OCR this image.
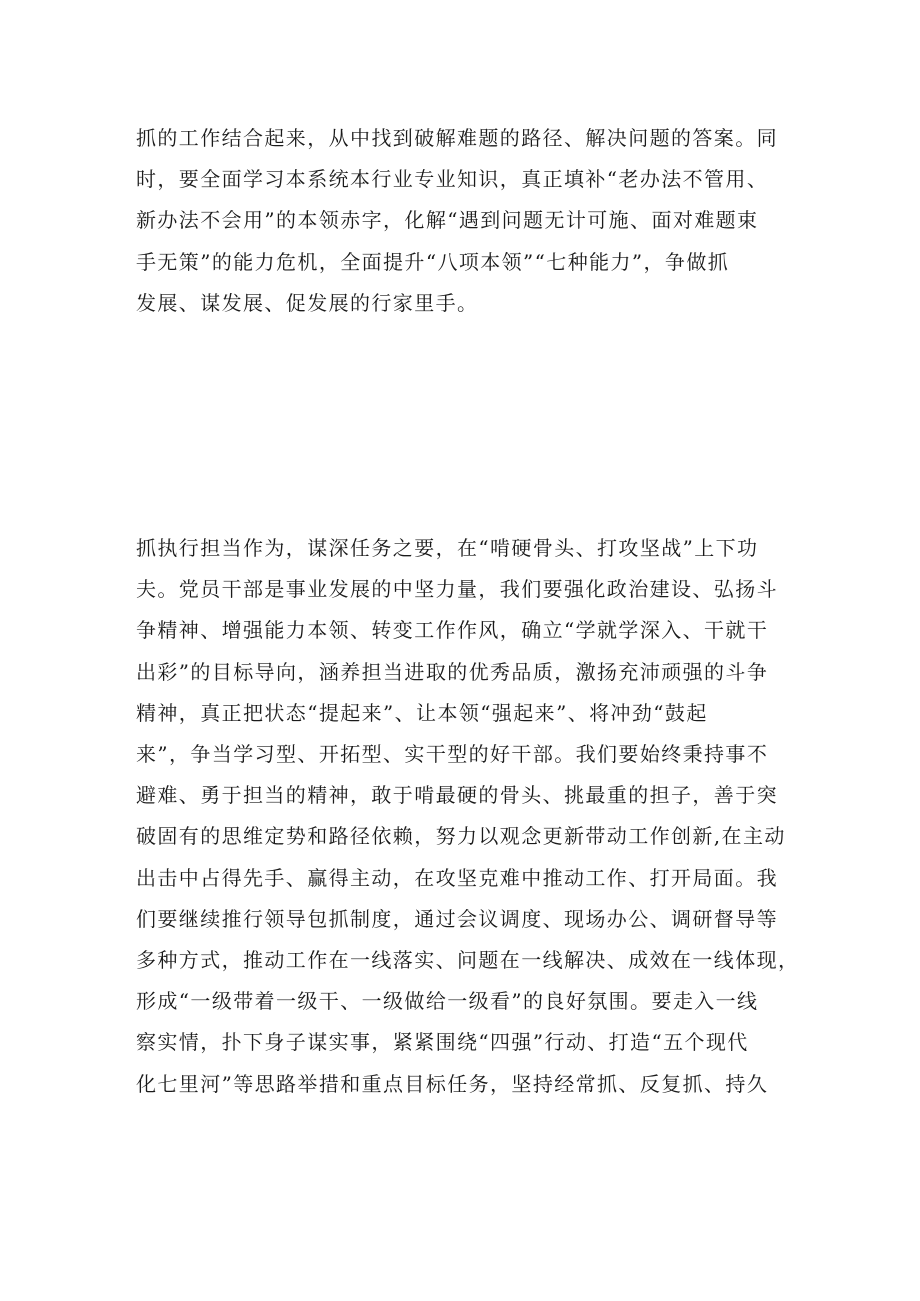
抓的工作结合起来，从中找到破解难题的路径、解决问题的答案。同
时，要全面学习本系统本行业专业知识，真正填补“老办法不管用、
新办法不会用”的本领赤字，化解“遇到问题无计可施、面对难题束
手无策”的能力危机，全面提升“八项本领”“七种能力”，争做抓
发展、谋发展、促发展的行家里手。

抓执行担当作为，谋深任务之要，在“啃硬骨头、打攻坚战”上下功
夫。党员干部是事业发展的中坚力量，我们要强化政治建设、弘扬斗
争精神、增强能力本领、转变工作作风，确立“学就学深入、干就干
出彩”的目标导向，涵养担当进取的优秀品质，激扬充沛顽强的斗争
精神，真正把状态“提起来”、让本领“强起来”、将冲劲“鼓起
来”，争当学习型、开拓型、实干型的好干部。我们要始终秉持事不
避难、勇于担当的精神，敢于啃最硬的骨头、挑最重的担子，善于突
破固有的思维定势和路径依赖，努力以观念更新带动工作创新,在主动
出击中占得先手、赢得主动，在攻坚克难中推动工作、打开局面。我
们要继续推行领导包抓制度，通过会议调度、现场办公、调研督导等
多种方式，推动工作在一线落实、问题在一线解决、成效在一线体现，
形成“一级带着一级干、一级做给一级看”的良好氛围。要走入一线
察实情，扑下身子谋实事，紧紧围绕“四强”行动、打造“五个现代
化七里河”等思路举措和重点目标任务，坚持经常抓、反复抓、持久
